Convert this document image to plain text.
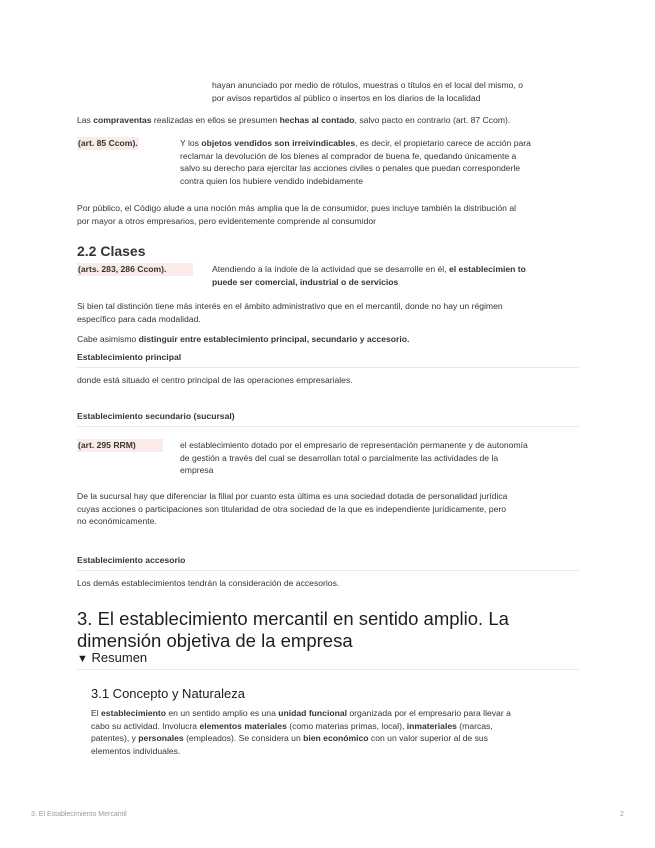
hayan anunciado por medio de rótulos, muestras o títulos en el local del mismo, o
por avisos repartidos al público o insertos en los diarios de la localidad

Las compraventas realizadas en ellos se presumen hechas al contado, salvo pacto en contrario (art. 87 Ccom).

(art. 85 Ccom).	Y los objetos vendidos son irreivindicables, es decir, el propietario carece de acción para
reclamar la devolución de los bienes al comprador de buena fe, quedando únicamente a
salvo su derecho para ejercitar las acciones civiles o penales que puedan corresponderle
contra quien los hubiere vendido indebidamente

Por público, el Código alude a una noción más amplia que la de consumidor, pues incluye también la distribución al
por mayor a otros empresarios, pero evidentemente comprende al consumidor

2.2 Clases
(arts. 283, 286 Ccom).	Atendiendo a la índole de la actividad que se desarrolle en él, el establecimien to
puede ser comercial, industrial o de servicios

Si bien tal distinción tiene más interés en el ámbito administrativo que en el mercantil, donde no hay un régimen
específico para cada modalidad.

Cabe asimismo distinguir entre establecimiento principal, secundario y accesorio.

Establecimiento principal

donde está situado el centro principal de las operaciones empresariales.

Establecimiento secundario (sucursal)
(art. 295 RRM)	el establecimiento dotado por el empresario de representación permanente y de autonomía
de gestión a través del cual se desarrollan total o parcialmente las actividades de la
empresa

De la sucursal hay que diferenciar la filial por cuanto esta última es una sociedad dotada de personalidad jurídica
cuyas acciones o participaciones son titularidad de otra sociedad de la que es independiente jurídicamente, pero
no económicamente.

Establecimiento accesorio

Los demás establecimientos tendrán la consideración de accesorios.

3. El establecimiento mercantil en sentido amplio. La
dimensión objetiva de la empresa
▼ Resumen
3.1 Concepto y Naturaleza

El establecimiento en un sentido amplio es una unidad funcional organizada por el empresario para llevar a
cabo su actividad. Involucra elementos materiales (como materias primas, local), inmateriales (marcas,
patentes), y personales (empleados). Se considera un bien económico con un valor superior al de sus
elementos individuales.

3. El Establecimiento Mercantil	2
